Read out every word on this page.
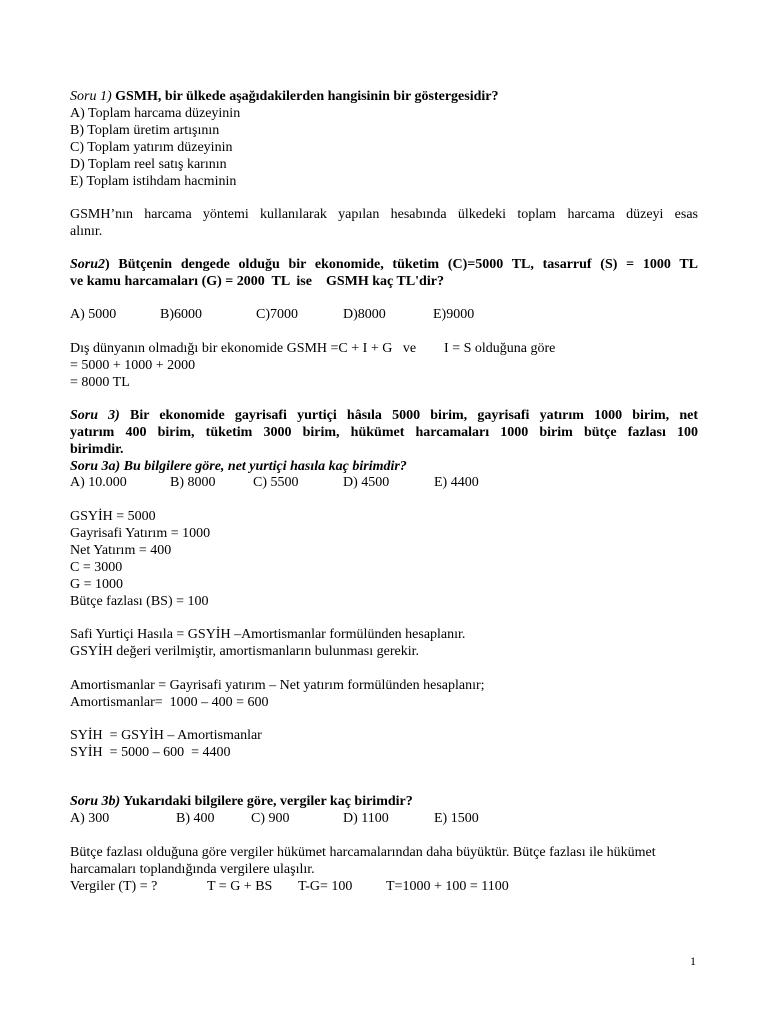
Soru 1) GSMH, bir ülkede aşağıdakilerden hangisinin bir göstergesidir?
A) Toplam harcama düzeyinin
B) Toplam üretim artışının
C) Toplam yatırım düzeyinin
D) Toplam reel satış karının
E) Toplam istihdam hacminin
GSMH’nın harcama yöntemi kullanılarak yapılan hesabında ülkedeki toplam harcama düzeyi esas
alınır.
Soru2) Bütçenin dengede olduğu bir ekonomide, tüketim (C)=5000 TL, tasarruf (S) = 1000 TL
ve kamu harcamaları (G) = 2000  TL  ise    GSMH kaç TL'dir?
A) 5000	B)6000	C)7000	D)8000	E)9000
Dış dünyanın olmadığı bir ekonomide GSMH =C + I + G   ve        I = S olduğuna göre
= 5000 + 1000 + 2000
= 8000 TL
Soru 3) Bir ekonomide gayrisafi yurtiçi hâsıla 5000 birim, gayrisafi yatırım 1000 birim, net
yatırım 400 birim, tüketim 3000 birim, hükümet harcamaları 1000 birim bütçe fazlası 100
birimdir.
Soru 3a) Bu bilgilere göre, net yurtiçi hasıla kaç birimdir?
A) 10.000	B) 8000	C) 5500	D) 4500	E) 4400
GSYİH = 5000
Gayrisafi Yatırım = 1000
Net Yatırım = 400
C = 3000
G = 1000
Bütçe fazlası (BS) = 100
Safi Yurtiçi Hasıla = GSYİH –Amortismanlar formülünden hesaplanır.
GSYİH değeri verilmiştir, amortismanların bulunması gerekir.
Amortismanlar = Gayrisafi yatırım – Net yatırım formülünden hesaplanır;
Amortismanlar=  1000 – 400 = 600
SYİH  = GSYİH – Amortismanlar
SYİH  = 5000 – 600  = 4400
Soru 3b) Yukarıdaki bilgilere göre, vergiler kaç birimdir?
A) 300	B) 400	C) 900	D) 1100	E) 1500
Bütçe fazlası olduğuna göre vergiler hükümet harcamalarından daha büyüktür. Bütçe fazlası ile hükümet
harcamaları toplandığında vergilere ulaşılır.
Vergiler (T) = ?	T = G + BS T-G= 100 T=1000 + 100 = 1100
1
